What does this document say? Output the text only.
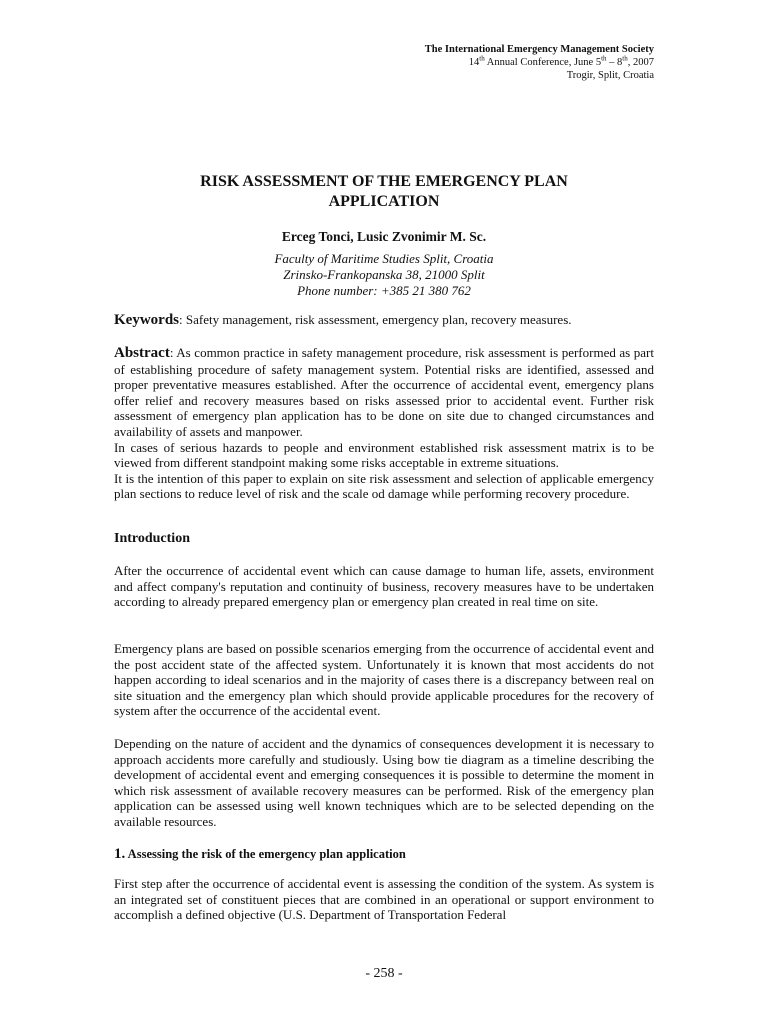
The International Emergency Management Society
14th Annual Conference, June 5th – 8th, 2007
Trogir, Split, Croatia
RISK ASSESSMENT OF THE EMERGENCY PLAN
APPLICATION
Erceg Tonci, Lusic Zvonimir M. Sc.
Faculty of Maritime Studies Split, Croatia
Zrinsko-Frankopanska 38, 21000 Split
Phone number: +385 21 380 762
Keywords: Safety management, risk assessment, emergency plan, recovery measures.

Abstract: As common practice in safety management procedure, risk assessment is performed as part of establishing procedure of safety management system. Potential risks are identified, assessed and proper preventative measures established. After the occurrence of accidental event, emergency plans offer relief and recovery measures based on risks assessed prior to accidental event. Further risk assessment of emergency plan application has to be done on site due to changed circumstances and availability of assets and manpower.

In cases of serious hazards to people and environment established risk assessment matrix is to be viewed from different standpoint making some risks acceptable in extreme situations.

It is the intention of this paper to explain on site risk assessment and selection of applicable emergency plan sections to reduce level of risk and the scale od damage while performing recovery procedure.

Introduction
After the occurrence of accidental event which can cause damage to human life, assets, environment and affect company's reputation and continuity of business, recovery measures have to be undertaken according to already prepared emergency plan or emergency plan created in real time on site.
Emergency plans are based on possible scenarios emerging from the occurrence of accidental event and the post accident state of the affected system. Unfortunately it is known that most accidents do not happen according to ideal scenarios and in the majority of cases there is a discrepancy between real on site situation and the emergency plan which should provide applicable procedures for the recovery of system after the occurrence of the accidental event.
Depending on the nature of accident and the dynamics of consequences development it is necessary to approach accidents more carefully and studiously. Using bow tie diagram as a timeline describing the development of accidental event and emerging consequences it is possible to determine the moment in which risk assessment of available recovery measures can be performed. Risk of the emergency plan application can be assessed using well known techniques which are to be selected depending on the available resources.
1. Assessing the risk of the emergency plan application
First step after the occurrence of accidental event is assessing the condition of the system. As system is an integrated set of constituent pieces that are combined in an operational or support environment to accomplish a defined objective (U.S. Department of Transportation Federal
- 258 -
